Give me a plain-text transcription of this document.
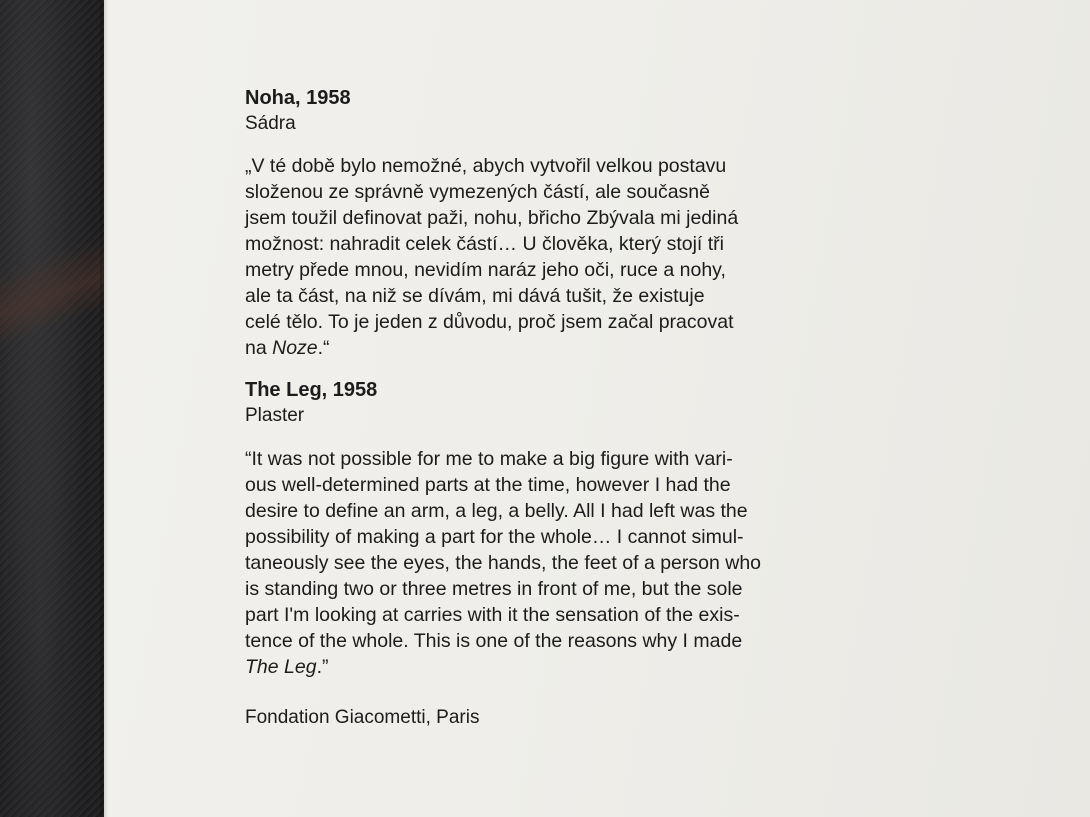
Noha, 1958

Sádra

„V té době bylo nemožné, abych vytvořil velkou postavu
složenou ze správně vymezených částí, ale současně
jsem toužil definovat paži, nohu, břicho Zbývala mi jediná
možnost: nahradit celek částí… U člověka, který stojí tři
metry přede mnou, nevidím naráz jeho oči, ruce a nohy,
ale ta část, na niž se dívám, mi dává tušit, že existuje
celé tělo. To je jeden z důvodu, proč jsem začal pracovat
na Noze.“

The Leg, 1958

Plaster

“It was not possible for me to make a big figure with vari-
ous well-determined parts at the time, however I had the
desire to define an arm, a leg, a belly. All I had left was the
possibility of making a part for the whole… I cannot simul-
taneously see the eyes, the hands, the feet of a person who
is standing two or three metres in front of me, but the sole
part I'm looking at carries with it the sensation of the exis-
tence of the whole. This is one of the reasons why I made
The Leg.”

Fondation Giacometti, Paris
